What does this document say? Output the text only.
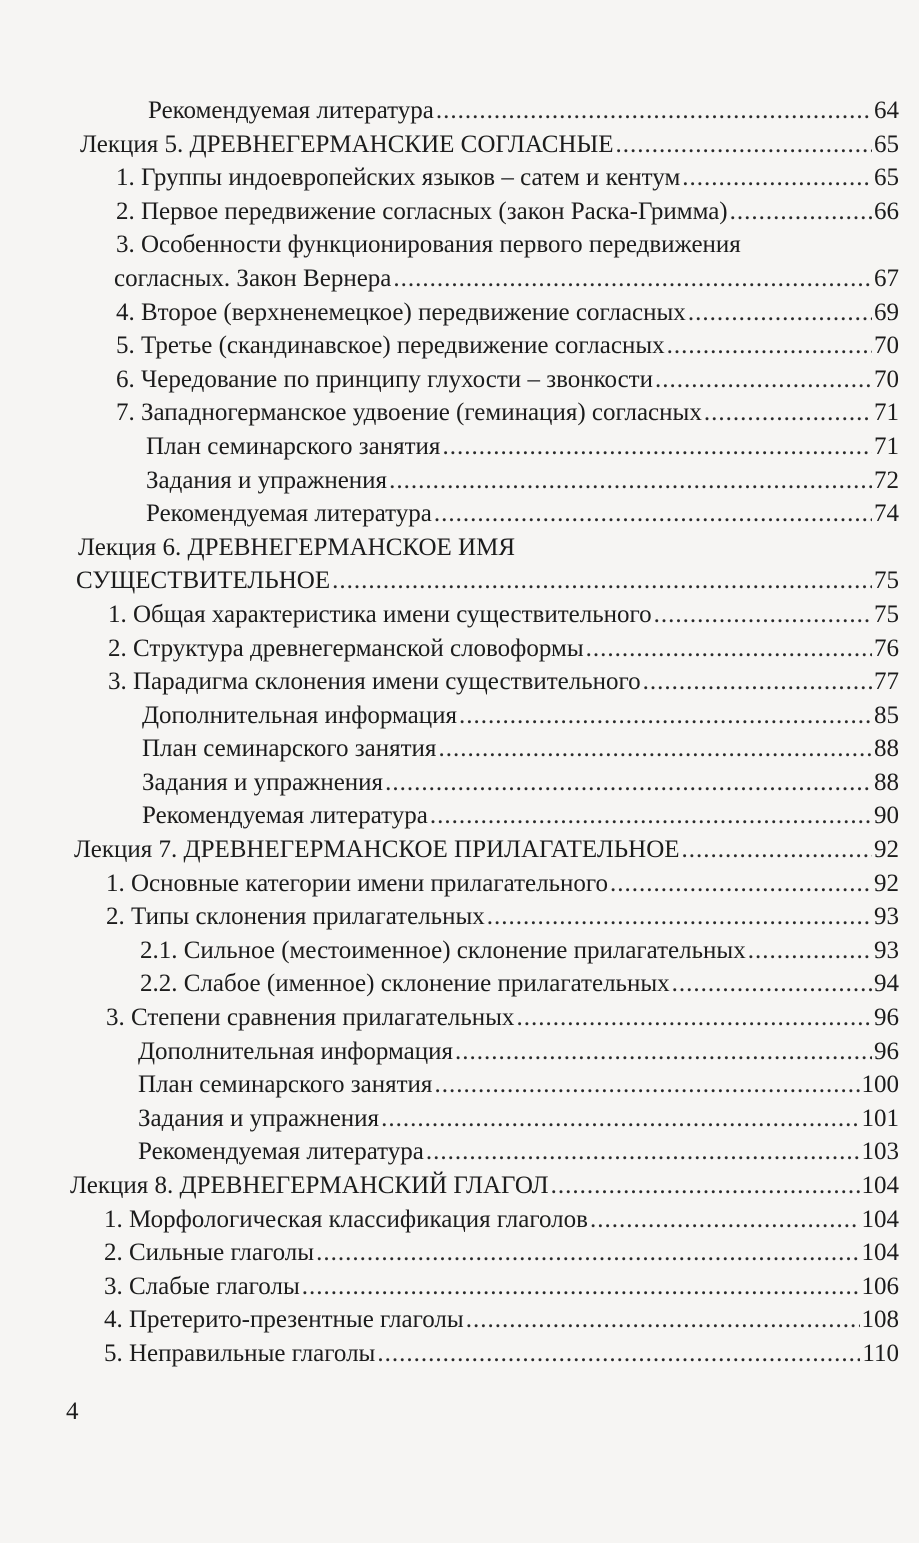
Рекомендуемая литература .....	64
Лекция 5. ДРЕВНЕГЕРМАНСКИЕ СОГЛАСНЫЕ .....	65
1. Группы индоевропейских языков – сатем и кентум .....	65
2. Первое передвижение согласных (закон Раска-Гримма) .....	66
3. Особенности функционирования первого передвижения
согласных. Закон Вернера .....	67
4. Второе (верхненемецкое) передвижение согласных .....	69
5. Третье (скандинавское) передвижение согласных .....	70
6. Чередование по принципу глухости – звонкости .....	70
7. Западногерманское удвоение (геминация) согласных .....	71
План семинарского занятия .....	71
Задания и упражнения .....	72
Рекомендуемая литература .....	74
Лекция 6. ДРЕВНЕГЕРМАНСКОЕ ИМЯ
СУЩЕСТВИТЕЛЬНОЕ .....	75
1. Общая характеристика имени существительного .....	75
2. Структура древнегерманской словоформы .....	76
3. Парадигма склонения имени существительного .....	77
Дополнительная информация .....	85
План семинарского занятия .....	88
Задания и упражнения .....	88
Рекомендуемая литература .....	90
Лекция 7. ДРЕВНЕГЕРМАНСКОЕ ПРИЛАГАТЕЛЬНОЕ .....	92
1. Основные категории имени прилагательного .....	92
2. Типы склонения прилагательных .....	93
2.1. Сильное (местоименное) склонение прилагательных .....	93
2.2. Слабое (именное) склонение прилагательных .....	94
3. Степени сравнения прилагательных .....	96
Дополнительная информация .....	96
План семинарского занятия .....	100
Задания и упражнения .....	101
Рекомендуемая литература .....	103
Лекция 8. ДРЕВНЕГЕРМАНСКИЙ ГЛАГОЛ .....	104
1. Морфологическая классификация глаголов .....	104
2. Сильные глаголы .....	104
3. Слабые глаголы .....	106
4. Претерито-презентные глаголы .....	108
5. Неправильные глаголы .....	110
4
